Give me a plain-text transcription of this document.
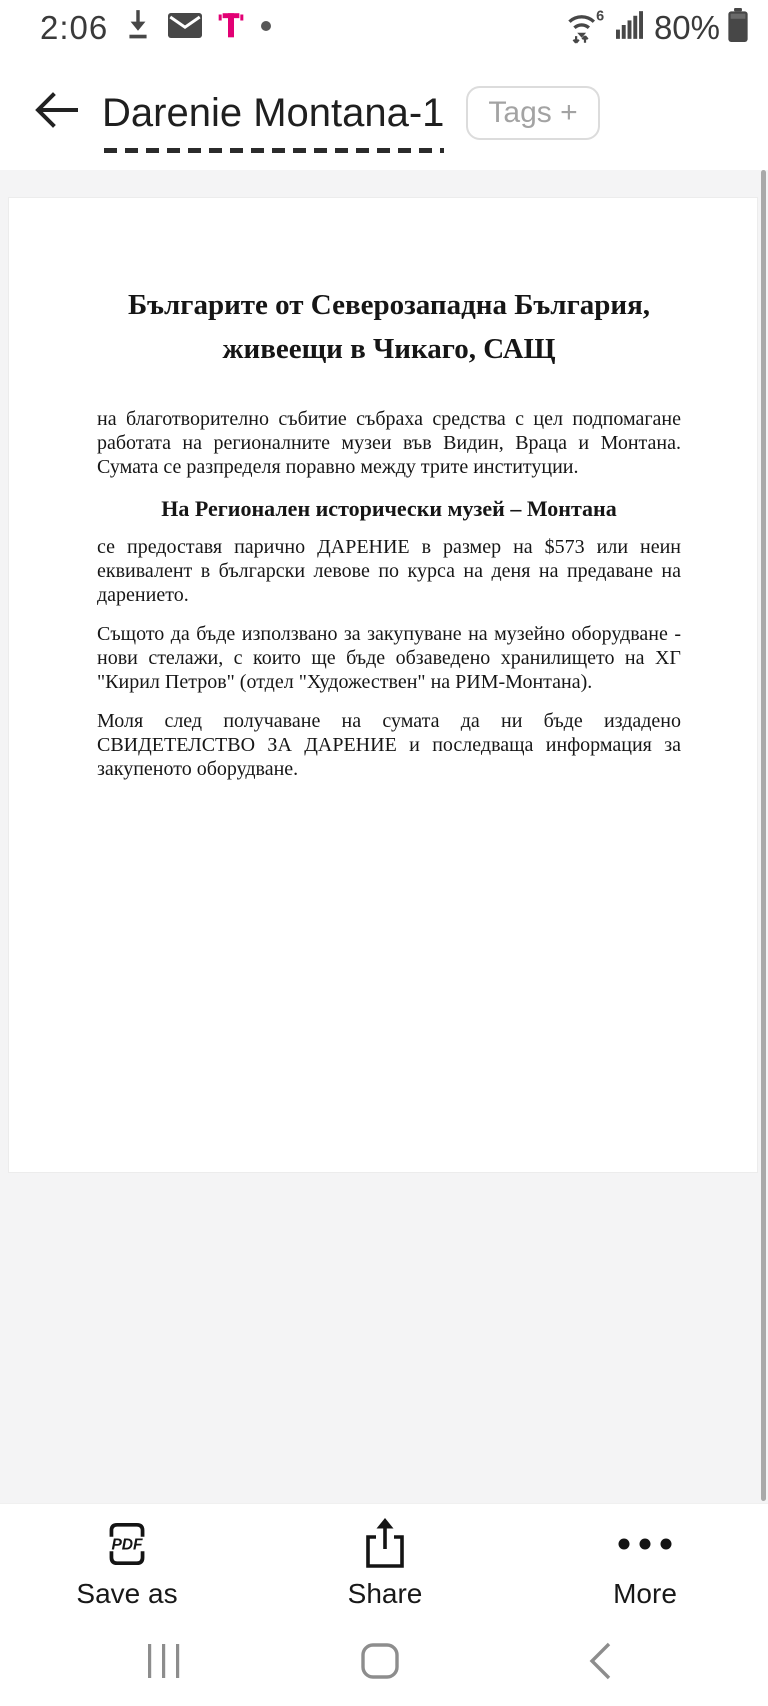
2:06	6 80%
Darenie Montana-1	Tags +
Българите от Северозападна България,
живеещи в Чикаго, САЩ

на благотворително събитие събраха средства с цел подпомагане работата на регионалните музеи във Видин, Враца и Монтана. Сумата се разпределя поравно между трите институции.

На Регионален исторически музей – Монтана

се предоставя парично ДАРЕНИЕ в размер на $573 или неин еквивалент в български левове по курса на деня на предаване на дарението.

Същото да бъде използвано за закупуване на музейно оборудване - нови стелажи, с които ще бъде обзаведено хранилището на ХГ "Кирил Петров" (отдел "Художествен" на РИМ-Монтана).

Моля след получаване на сумата да ни бъде издадено СВИДЕТЕЛСТВО ЗА ДАРЕНИЕ и последваща информация за закупеното оборудване.

PDF
Save as	Share	More
